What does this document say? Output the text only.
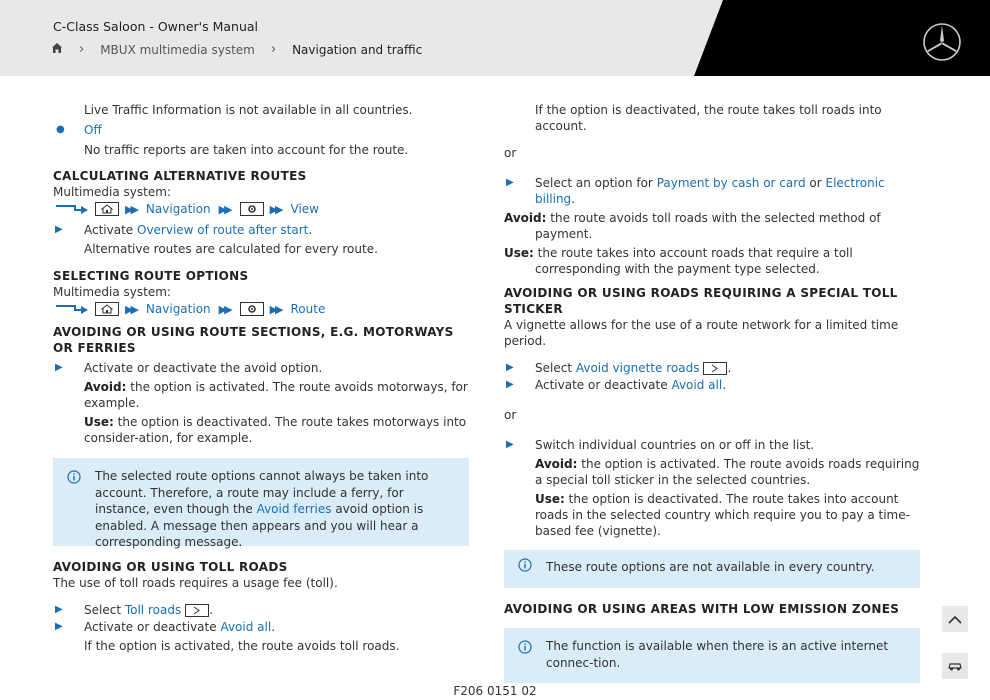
C-Class Saloon - Owner's Manual
› MBUX multimedia system › Navigation and traffic
Live Traffic Information is not available in all countries.
●	Off
No traffic reports are taken into account for the route.
CALCULATING ALTERNATIVE ROUTES
Multimedia system:
▶▶ Navigation ▶▶	▶▶ View
▶	Activate Overview of route after start.
Alternative routes are calculated for every route.
SELECTING ROUTE OPTIONS
Multimedia system:
▶▶ Navigation ▶▶	▶▶ Route
AVOIDING OR USING ROUTE SECTIONS, E.G. MOTORWAYS OR FERRIES
▶	Activate or deactivate the avoid option.
Avoid: the option is activated. The route avoids motorways, for example.
Use: the option is deactivated. The route takes motorways into consider-ation, for example.
The selected route options cannot always be taken into account. Therefore, a route may include a ferry, for instance, even though the Avoid ferries avoid option is enabled. A message then appears and you will hear a corresponding message.
AVOIDING OR USING TOLL ROADS
The use of toll roads requires a usage fee (toll).
▶	Select Toll roads .
▶	Activate or deactivate Avoid all.
If the option is activated, the route avoids toll roads.
If the option is deactivated, the route takes toll roads into account.
or
▶	Select an option for Payment by cash or card or Electronic billing.
Avoid: the route avoids toll roads with the selected method of payment.
Use: the route takes into account roads that require a toll corresponding with the payment type selected.
AVOIDING OR USING ROADS REQUIRING A SPECIAL TOLL STICKER
A vignette allows for the use of a route network for a limited time period.
▶	Select Avoid vignette roads .
▶	Activate or deactivate Avoid all.
or
▶	Switch individual countries on or off in the list.
Avoid: the option is activated. The route avoids roads requiring a special toll sticker in the selected countries.
Use: the option is deactivated. The route takes into account roads in the selected country which require you to pay a time-based fee (vignette).
These route options are not available in every country.
AVOIDING OR USING AREAS WITH LOW EMISSION ZONES
The function is available when there is an active internet connec-tion.
F206 0151 02
